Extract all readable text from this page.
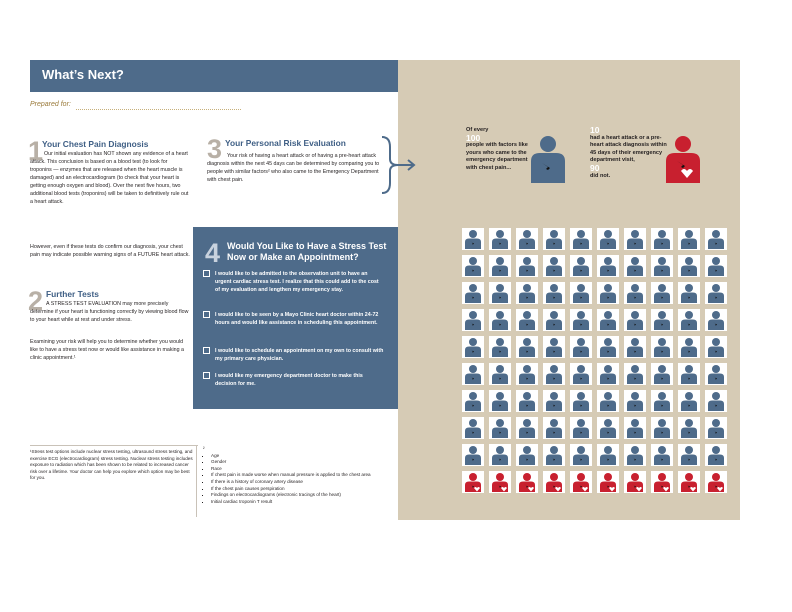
What’s Next?
Prepared for:
1
Your Chest Pain Diagnosis
Our initial evaluation has NOT shown any evidence of a heart attack. This conclusion is based on a blood test (to look for troponins — enzymes that are released when the heart muscle is damaged) and an electrocardiogram (to check that your heart is getting enough oxygen and blood). Over the next five hours, two additional blood tests (troponins) will be taken to definitively rule out a heart attack.
However, even if these tests do confirm our diagnosis, your chest pain may indicate possible warning signs of a FUTURE heart attack.
2 Further Tests
A STRESS TEST EVALUATION may more precisely determine if your heart is functioning correctly by viewing blood flow to your heart while at rest and under stress.
Examining your risk will help you to determine whether you would like to have a stress test now or would like assistance in making a clinic appointment.¹
3 Your Personal Risk Evaluation
Your risk of having a heart attack or of having a pre-heart attack diagnosis within the next 45 days can be determined by comparing you to people with similar factors² who also came to the Emergency Department with chest pain.
4 Would You Like to Have a Stress Test Now or Make an Appointment?
I would like to be admitted to the observation unit to have an urgent cardiac stress test. I realize that this could add to the cost of my evaluation and lengthen my emergency stay.
I would like to be seen by a Mayo Clinic heart doctor within 24-72 hours and would like assistance in scheduling this appointment.
I would like to schedule an appointment on my own to consult with my primary care physician.
I would like my emergency department doctor to make this decision for me.
Of every
100
people with factors like yours who came to the emergency department with chest pain...
10
had a heart attack or a pre-heart attack diagnosis within 45 days of their emergency department visit,
90
did not.
¹Stress test options include nuclear stress testing, ultrasound stress testing, and exercise ECG (electrocardiogram) stress testing. Nuclear stress testing includes exposure to radiation which has been shown to be related to increased cancer risk over a lifetime. Your doctor can help you explore which option may be best for you.
²
▪ Age
▪ Gender
▪ Race
▪ If chest pain is made worse when manual pressure is applied to the chest area
▪ If there is a history of coronary artery disease
▪ If the chest pain causes perspiration
▪ Findings on electrocardiograms (electronic tracings of the heart)
▪ Initial cardiac troponin T result
